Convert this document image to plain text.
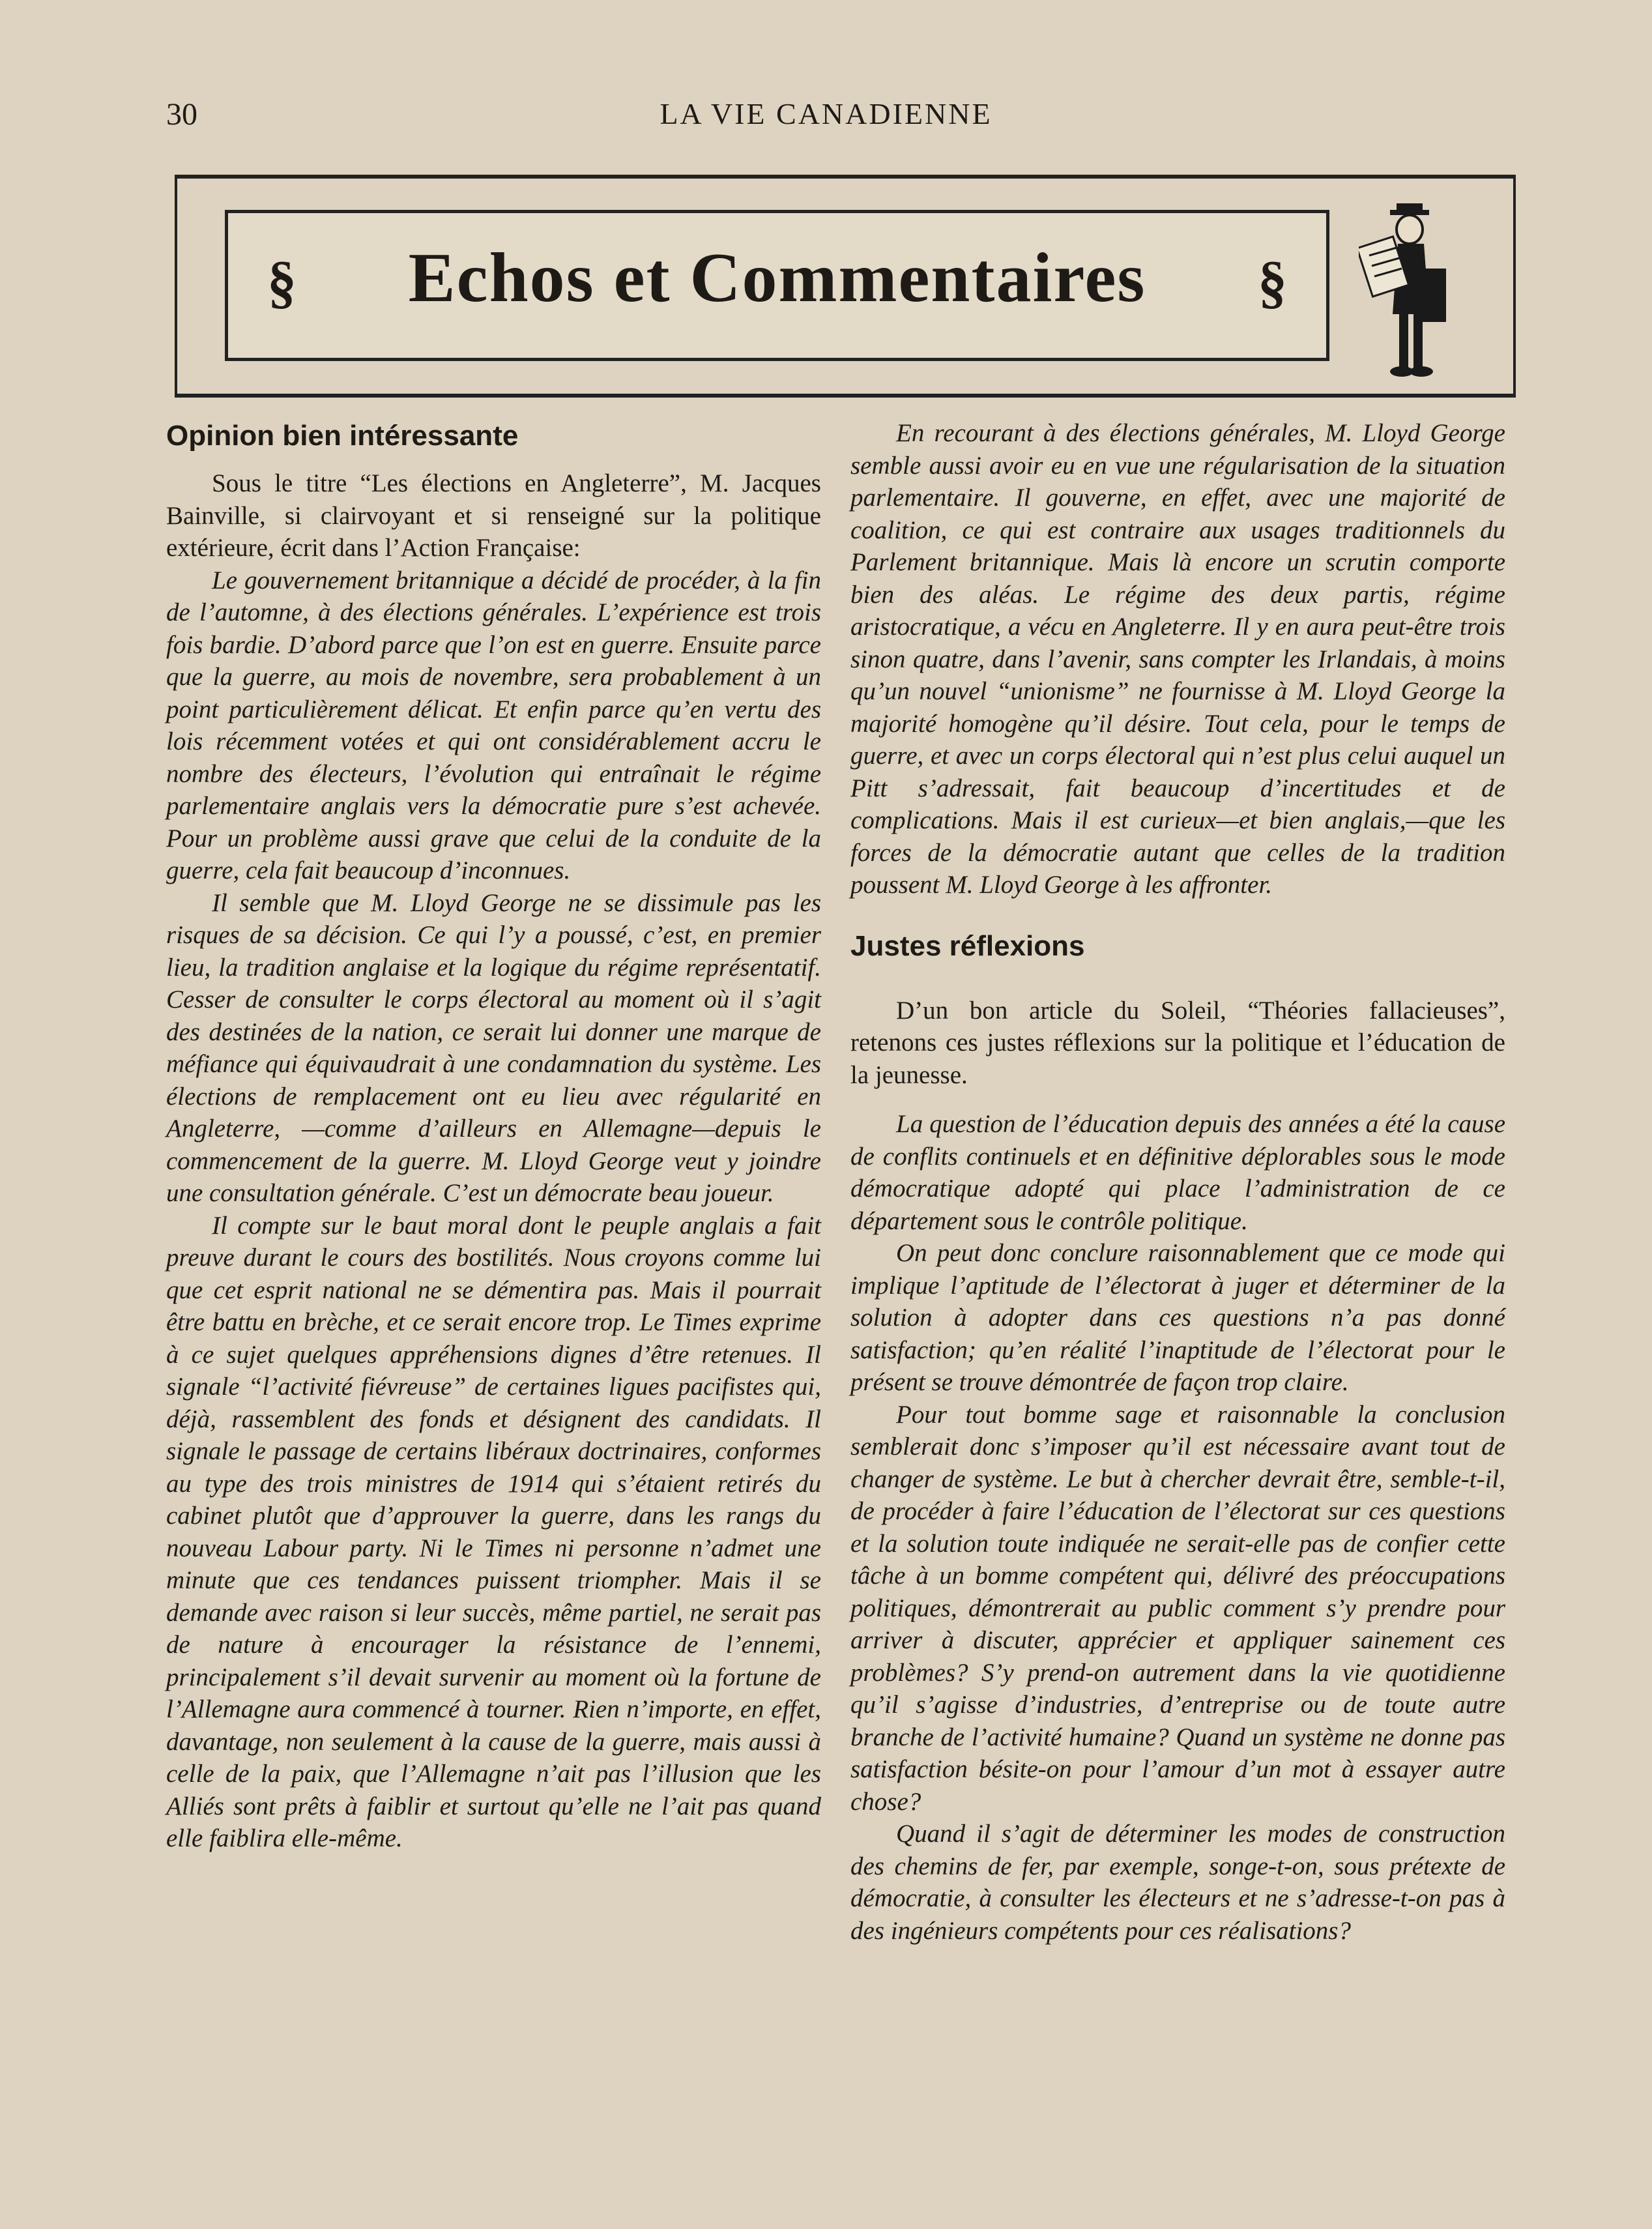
30	LA VIE CANADIENNE
§	Echos et Commentaires	§
Opinion bien intéressante

Sous le titre “Les élections en Angleterre”, M. Jacques Bainville, si clairvoyant et si renseigné sur la politique extérieure, écrit dans l’Action Française:

Le gouvernement britannique a décidé de procéder, à la fin de l’automne, à des élections générales. L’expérience est trois fois bardie. D’abord parce que l’on est en guerre. Ensuite parce que la guerre, au mois de novembre, sera probablement à un point particulièrement délicat. Et enfin parce qu’en vertu des lois récemment votées et qui ont considérablement accru le nombre des électeurs, l’évolution qui entraînait le régime parlementaire anglais vers la démocratie pure s’est achevée. Pour un problème aussi grave que celui de la conduite de la guerre, cela fait beaucoup d’inconnues.

Il semble que M. Lloyd George ne se dissimule pas les risques de sa décision. Ce qui l’y a poussé, c’est, en premier lieu, la tradition anglaise et la logique du régime représentatif. Cesser de consulter le corps électoral au moment où il s’agit des destinées de la nation, ce serait lui donner une marque de méfiance qui équivaudrait à une condamnation du système. Les élections de remplacement ont eu lieu avec régularité en Angleterre, —comme d’ailleurs en Allemagne—depuis le commencement de la guerre. M. Lloyd George veut y joindre une consultation générale. C’est un démocrate beau joueur.

Il compte sur le baut moral dont le peuple anglais a fait preuve durant le cours des bostilités. Nous croyons comme lui que cet esprit national ne se démentira pas. Mais il pourrait être battu en brèche, et ce serait encore trop. Le Times exprime à ce sujet quelques appréhensions dignes d’être retenues. Il signale “l’activité fiévreuse” de certaines ligues pacifistes qui, déjà, rassemblent des fonds et désignent des candidats. Il signale le passage de certains libéraux doctrinaires, conformes au type des trois ministres de 1914 qui s’étaient retirés du cabinet plutôt que d’approuver la guerre, dans les rangs du nouveau Labour party. Ni le Times ni personne n’admet une minute que ces tendances puissent triompher. Mais il se demande avec raison si leur succès, même partiel, ne serait pas de nature à encourager la résistance de l’ennemi, principalement s’il devait survenir au moment où la fortune de l’Allemagne aura commencé à tourner. Rien n’importe, en effet, davantage, non seulement à la cause de la guerre, mais aussi à celle de la paix, que l’Allemagne n’ait pas l’illusion que les Alliés sont prêts à faiblir et surtout qu’elle ne l’ait pas quand elle faiblira elle-même.

En recourant à des élections générales, M. Lloyd George semble aussi avoir eu en vue une régularisation de la situation parlementaire. Il gouverne, en effet, avec une majorité de coalition, ce qui est contraire aux usages traditionnels du Parlement britannique. Mais là encore un scrutin comporte bien des aléas. Le régime des deux partis, régime aristocratique, a vécu en Angleterre. Il y en aura peut-être trois sinon quatre, dans l’avenir, sans compter les Irlandais, à moins qu’un nouvel “unionisme” ne fournisse à M. Lloyd George la majorité homogène qu’il désire. Tout cela, pour le temps de guerre, et avec un corps électoral qui n’est plus celui auquel un Pitt s’adressait, fait beaucoup d’incertitudes et de complications. Mais il est curieux—et bien anglais,—que les forces de la démocratie autant que celles de la tradition poussent M. Lloyd George à les affronter.

Justes réflexions

D’un bon article du Soleil, “Théories fallacieuses”, retenons ces justes réflexions sur la politique et l’éducation de la jeunesse.

La question de l’éducation depuis des années a été la cause de conflits continuels et en définitive déplorables sous le mode démocratique adopté qui place l’administration de ce département sous le contrôle politique.

On peut donc conclure raisonnablement que ce mode qui implique l’aptitude de l’électorat à juger et déterminer de la solution à adopter dans ces questions n’a pas donné satisfaction; qu’en réalité l’inaptitude de l’électorat pour le présent se trouve démontrée de façon trop claire.

Pour tout bomme sage et raisonnable la conclusion semblerait donc s’imposer qu’il est nécessaire avant tout de changer de système. Le but à chercher devrait être, semble-t-il, de procéder à faire l’éducation de l’électorat sur ces questions et la solution toute indiquée ne serait-elle pas de confier cette tâche à un bomme compétent qui, délivré des préoccupations politiques, démontrerait au public comment s’y prendre pour arriver à discuter, apprécier et appliquer sainement ces problèmes? S’y prend-on autrement dans la vie quotidienne qu’il s’agisse d’industries, d’entreprise ou de toute autre branche de l’activité humaine? Quand un système ne donne pas satisfaction bésite-on pour l’amour d’un mot à essayer autre chose?

Quand il s’agit de déterminer les modes de construction des chemins de fer, par exemple, songe-t-on, sous prétexte de démocratie, à consulter les électeurs et ne s’adresse-t-on pas à des ingénieurs compétents pour ces réalisations?
